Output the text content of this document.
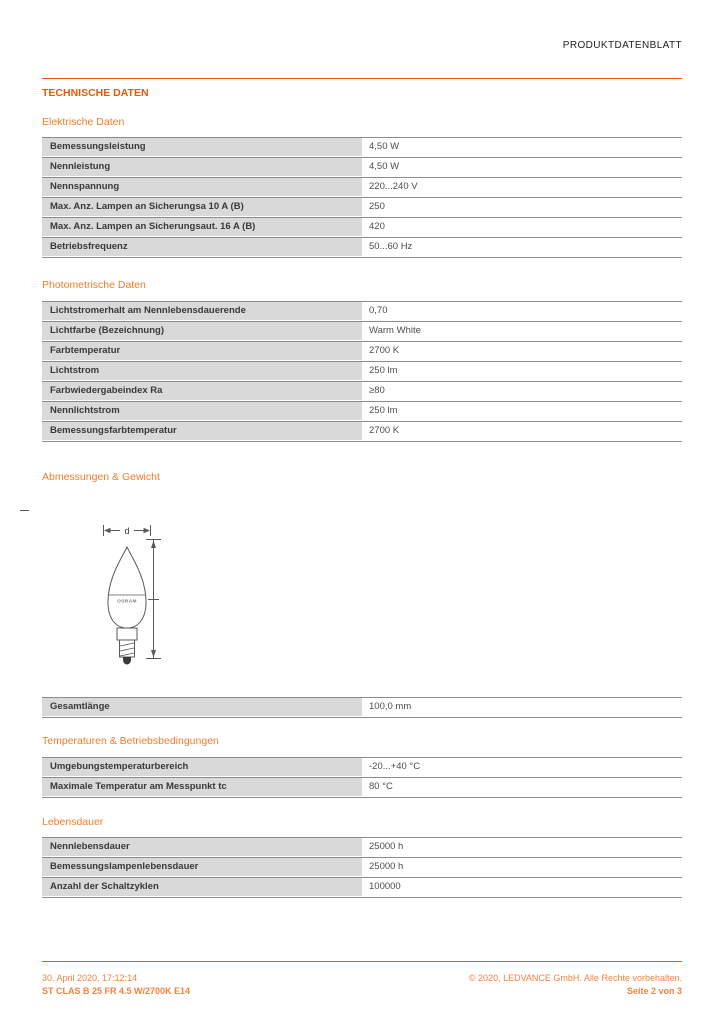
PRODUKTDATENBLATT
TECHNISCHE DATEN
Elektrische Daten
Bemessungsleistung	4,50 W
Nennleistung	4,50 W
Nennspannung	220...240 V
Max. Anz. Lampen an Sicherungsa 10 A (B)	250
Max. Anz. Lampen an Sicherungsaut. 16 A (B)	420
Betriebsfrequenz	50...60 Hz
Photometrische Daten
Lichtstromerhalt am Nennlebensdauerende	0,70
Lichtfarbe (Bezeichnung)	Warm White
Farbtemperatur	2700 K
Lichtstrom	250 lm
Farbwiedergabeindex Ra	≥80
Nennlichtstrom	250 lm
Bemessungsfarbtemperatur	2700 K
Abmessungen & Gewicht
d
OSRAM
Gesamtlänge	100,0 mm
Temperaturen & Betriebsbedingungen
Umgebungstemperaturbereich	-20...+40 °C
Maximale Temperatur am Messpunkt tc	80 °C
Lebensdauer
Nennlebensdauer	25000 h
Bemessungslampenlebensdauer	25000 h
Anzahl der Schaltzyklen	100000
30. April 2020, 17:12:14
ST CLAS B 25 FR 4.5 W/2700K E14
© 2020, LEDVANCE GmbH. Alle Rechte vorbehalten.
Seite 2 von 3
